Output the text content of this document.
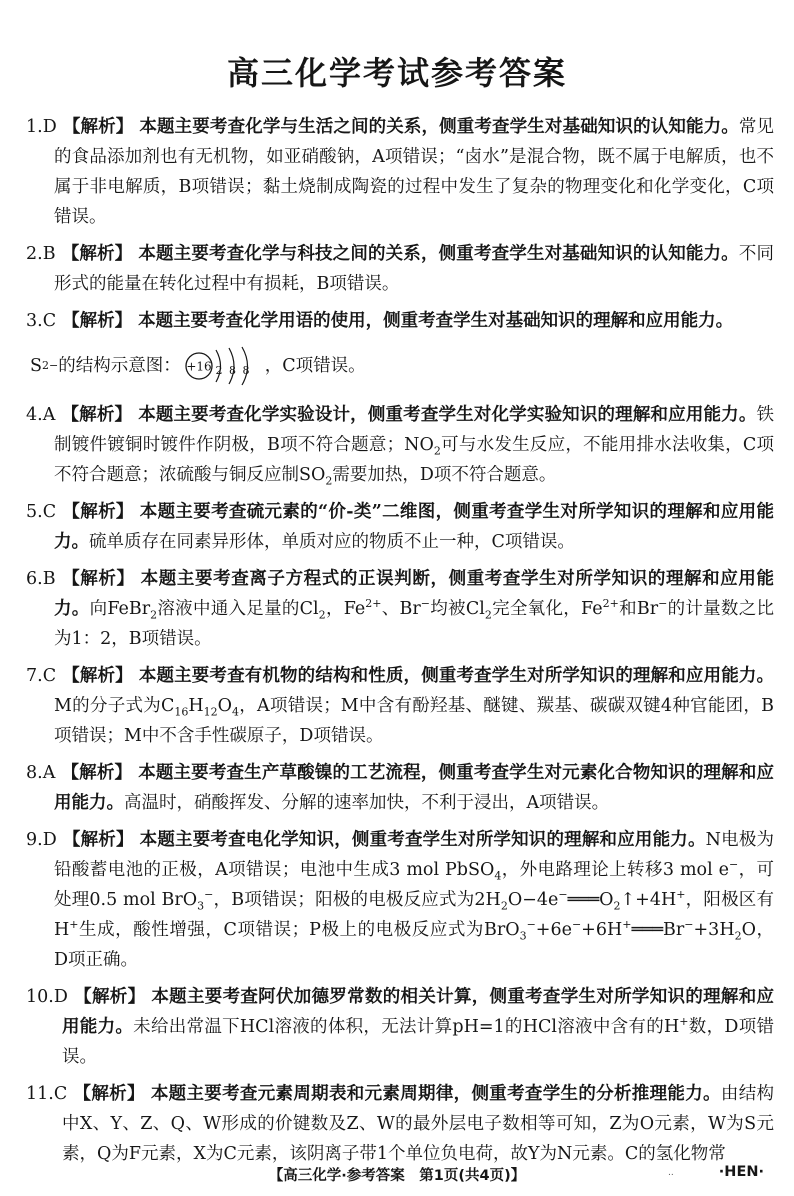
高三化学考试参考答案

1.D 【解析】 本题主要考查化学与生活之间的关系，侧重考查学生对基础知识的认知能力。常见的食品添加剂也有无机物，如亚硝酸钠，A项错误；“卤水”是混合物，既不属于电解质，也不属于非电解质，B项错误；黏土烧制成陶瓷的过程中发生了复杂的物理变化和化学变化，C项错误。

2.B 【解析】 本题主要考查化学与科技之间的关系，侧重考查学生对基础知识的认知能力。不同形式的能量在转化过程中有损耗，B项错误。

3.C 【解析】 本题主要考查化学用语的使用，侧重考查学生对基础知识的理解和应用能力。

S 2− 的结构示意图： +16 2 8 8 ，C项错误。

4.A 【解析】 本题主要考查化学实验设计，侧重考查学生对化学实验知识的理解和应用能力。铁制镀件镀铜时镀件作阴极，B项不符合题意；$NO_2$可与水发生反应，不能用排水法收集，C项不符合题意；浓硫酸与铜反应制$SO_2$需要加热，D项不符合题意。

5.C 【解析】 本题主要考查硫元素的“价-类”二维图，侧重考查学生对所学知识的理解和应用能力。硫单质存在同素异形体，单质对应的物质不止一种，C项错误。

6.B 【解析】 本题主要考查离子方程式的正误判断，侧重考查学生对所学知识的理解和应用能力。向FeBr$_2$溶液中通入足量的$Cl_2$，$Fe^{2+}$、Br−均被$Cl_2$完全氧化，$Fe^{2+}$和Br−的计量数之比为1：2，B项错误。

7.C 【解析】 本题主要考查有机物的结构和性质，侧重考查学生对所学知识的理解和应用能力。M的分子式为$C_{16}H_{12}O_4$，A项错误；M中含有酚羟基、醚键、羰基、碳碳双键4种官能团，B项错误；M中不含手性碳原子，D项错误。

8.A 【解析】 本题主要考查生产草酸镍的工艺流程，侧重考查学生对元素化合物知识的理解和应用能力。高温时，硝酸挥发、分解的速率加快，不利于浸出，A项错误。

9.D 【解析】 本题主要考查电化学知识，侧重考查学生对所学知识的理解和应用能力。N电极为铅酸蓄电池的正极，A项错误；电池中生成3 mol PbSO$_4$，外电路理论上转移3 mol e−，可处理0.5 mol BrO$_3$−，B项错误；阳极的电极反应式为$2H_2O-4e^-═══O_2↑+4H^+$，阳极区有H+生成，酸性增强，C项错误；P极上的电极反应式为$BrO_3^-+6e^-+6H^+═══Br^-+3H_2O$，D项正确。

10.D 【解析】 本题主要考查阿伏加德罗常数的相关计算，侧重考查学生对所学知识的理解和应用能力。未给出常温下HCl溶液的体积，无法计算pH=1的HCl溶液中含有的H+数，D项错误。

11.C 【解析】 本题主要考查元素周期表和元素周期律，侧重考查学生的分析推理能力。由结构中X、Y、Z、Q、W形成的价键数及Z、W的最外层电子数相等可知，Z为O元素，W为S元素，Q为F元素，X为C元素，该阴离子带1个单位负电荷，故Y为N元素。C的氢化物常

【高三化学·参考答案　第1页(共4页)】	..	·HEN·
